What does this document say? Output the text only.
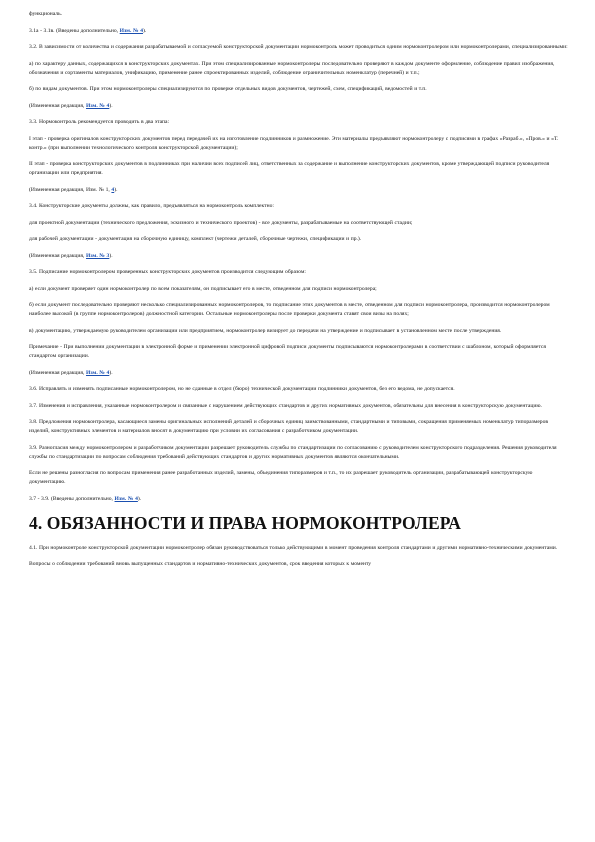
функциональ.

3.1а - 3.1в. (Введены дополнительно, Изм. № 4).

3.2. В зависимости от количества и содержания разрабатываемой и согласуемой конструкторской документации нормоконтроль может проводиться одним нормоконтролером или нормоконтролерами, специализированными:

а) по характеру данных, содержащихся в конструкторских документах. При этом специализированные нормоконтролеры последовательно проверяют в каждом документе оформление, соблюдение правил изображения, обозначения и сортаменты материалов, унификацию, применение ранее спроектированных изделий, соблюдение ограничительных номенклатур (перечней) и т.п.;

б) по видам документов. При этом нормоконтролеры специализируются по проверке отдельных видов документов, чертежей, схем, спецификаций, ведомостей и т.п.

(Измененная редакция, Изм. № 4).

3.3. Нормоконтроль рекомендуется проводить в два этапа:

I этап - проверка оригиналов конструкторских документов перед передачей их на изготовление подлинников и размножение. Эти материалы предъявляют нормоконтролеру с подписями в графах «Разраб.», «Пров.» и «Т. контр.» (при выполнении технологического контроля конструкторской документации);

II этап - проверка конструкторских документов в подлинниках при наличии всех подписей лиц, ответственных за содержание и выполнение конструкторских документов, кроме утверждающей подписи руководителя организации или предприятия.

(Измененная редакция, Изм. № 1, 4).

3.4. Конструкторские документы должны, как правило, предъявляться на нормоконтроль комплектно:

для проектной документации (технического предложения, эскизного и технического проектов) - все документы, разрабатываемые на соответствующей стадии;

для рабочей документации - документация на сборочную единицу, комплект (чертежи деталей, сборочные чертежи, спецификации и пр.).

(Измененная редакция, Изм. № 3).

3.5. Подписание нормоконтролером проверенных конструкторских документов производится следующим образом:

а) если документ проверяет один нормоконтролер по всем показателям, он подписывает его в месте, отведенном для подписи нормоконтролера;

б) если документ последовательно проверяют несколько специализированных нормоконтролеров, то подписание этих документов в месте, отведенном для подписи нормоконтролера, производится нормоконтролером наиболее высокой (в группе нормоконтролеров) должностной категории. Остальные нормоконтролеры после проверки документа ставят свои визы на полях;

в) документацию, утверждаемую руководителем организации или предприятием, нормоконтролер визирует до передачи на утверждение и подписывает в установленном месте после утверждения.

Примечание - При выполнении документации в электронной форме и применении электронной цифровой подписи документы подписываются нормоконтролерами в соответствии с шаблоном, который оформляется стандартом организации.

(Измененная редакция, Изм. № 4).

3.6. Исправлять и изменять подписанные нормоконтролером, но не сданные в отдел (бюро) технической документации подлинники документов, без его ведома, не допускается.

3.7. Изменения и исправления, указанные нормоконтролером и связанные с нарушением действующих стандартов и других нормативных документов, обязательны для внесения в конструкторскую документацию.

3.8. Предложения нормоконтролера, касающиеся замены оригинальных исполнений деталей и сборочных единиц заимствованными, стандартными и типовыми, сокращения применяемых номенклатур типоразмеров изделий, конструктивных элементов и материалов вносят в документацию при условии их согласования с разработчиком документации.

3.9. Разногласия между нормоконтролером и разработчиком документации разрешает руководитель службы по стандартизации по согласованию с руководителем конструкторского подразделения. Решения руководителя службы по стандартизации по вопросам соблюдения требований действующих стандартов и других нормативных документов являются окончательными.

Если не решены разногласия по вопросам применения ранее разработанных изделий, замены, объединения типоразмеров и т.п., то их разрешает руководитель организации, разрабатывающей конструкторскую документацию.

3.7 - 3.9. (Введены дополнительно, Изм. № 4).

4. ОБЯЗАННОСТИ И ПРАВА НОРМОКОНТРОЛЕРА

4.1. При нормоконтроле конструкторской документации нормоконтролер обязан руководствоваться только действующими в момент проведения контроля стандартами и другими нормативно-техническими документами.

Вопросы о соблюдении требований вновь выпущенных стандартов и нормативно-технических документов, срок введения которых к моменту
